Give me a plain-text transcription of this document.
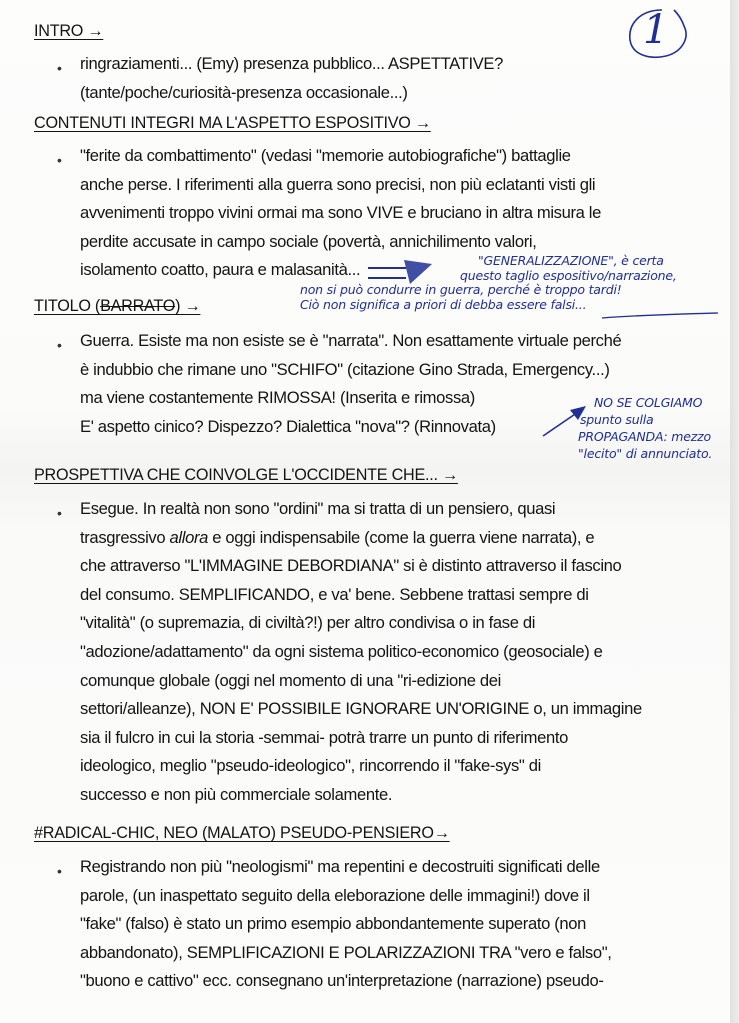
1
INTRO →
• ringraziamenti... (Emy) presenza pubblico... ASPETTATIVE?
(tante/poche/curiosità-presenza occasionale...)
CONTENUTI INTEGRI MA L'ASPETTO ESPOSITIVO →
• "ferite da combattimento" (vedasi "memorie autobiografiche") battaglie
anche perse. I riferimenti alla guerra sono precisi, non più eclatanti visti gli
avvenimenti troppo vivini ormai ma sono VIVE e bruciano in altra misura le
perdite accusate in campo sociale (povertà, annichilimento valori,
isolamento coatto, paura e malasanità...	"GENERALIZZAZIONE", è certa
questo taglio espositivo/narrazione,
non si può condurre in guerra, perché è troppo tardi!
Ciò non significa a priori di debba essere falsi...
TITOLO (BARRATO) →
• Guerra. Esiste ma non esiste se è "narrata". Non esattamente virtuale perché
è indubbio che rimane uno "SCHIFO" (citazione Gino Strada, Emergency...)
ma viene costantemente RIMOSSA! (Inserita e rimossa)
E' aspetto cinico? Dispezzo? Dialettica "nova"? (Rinnovata)
NO SE COLGIAMO
spunto sulla
PROPAGANDA: mezzo
"lecito" di annunciato.
PROSPETTIVA CHE COINVOLGE L'OCCIDENTE CHE... →
• Esegue. In realtà non sono "ordini" ma si tratta di un pensiero, quasi
trasgressivo allora e oggi indispensabile (come la guerra viene narrata), e
che attraverso "L'IMMAGINE DEBORDIANA" si è distinto attraverso il fascino
del consumo. SEMPLIFICANDO, e va' bene. Sebbene trattasi sempre di
"vitalità" (o supremazia, di civiltà?!) per altro condivisa o in fase di
"adozione/adattamento" da ogni sistema politico-economico (geosociale) e
comunque globale (oggi nel momento di una "ri-edizione dei
settori/alleanze), NON E' POSSIBILE IGNORARE UN'ORIGINE o, un immagine
sia il fulcro in cui la storia -semmai- potrà trarre un punto di riferimento
ideologico, meglio "pseudo-ideologico", rincorrendo il "fake-sys" di
successo e non più commerciale solamente.
#RADICAL-CHIC, NEO (MALATO) PSEUDO-PENSIERO→
• Registrando non più "neologismi" ma repentini e decostruiti significati delle
parole, (un inaspettato seguito della eleborazione delle immagini!) dove il
"fake" (falso) è stato un primo esempio abbondantemente superato (non
abbandonato), SEMPLIFICAZIONI E POLARIZZAZIONI TRA "vero e falso",
"buono e cattivo" ecc. consegnano un'interpretazione (narrazione) pseudo-
